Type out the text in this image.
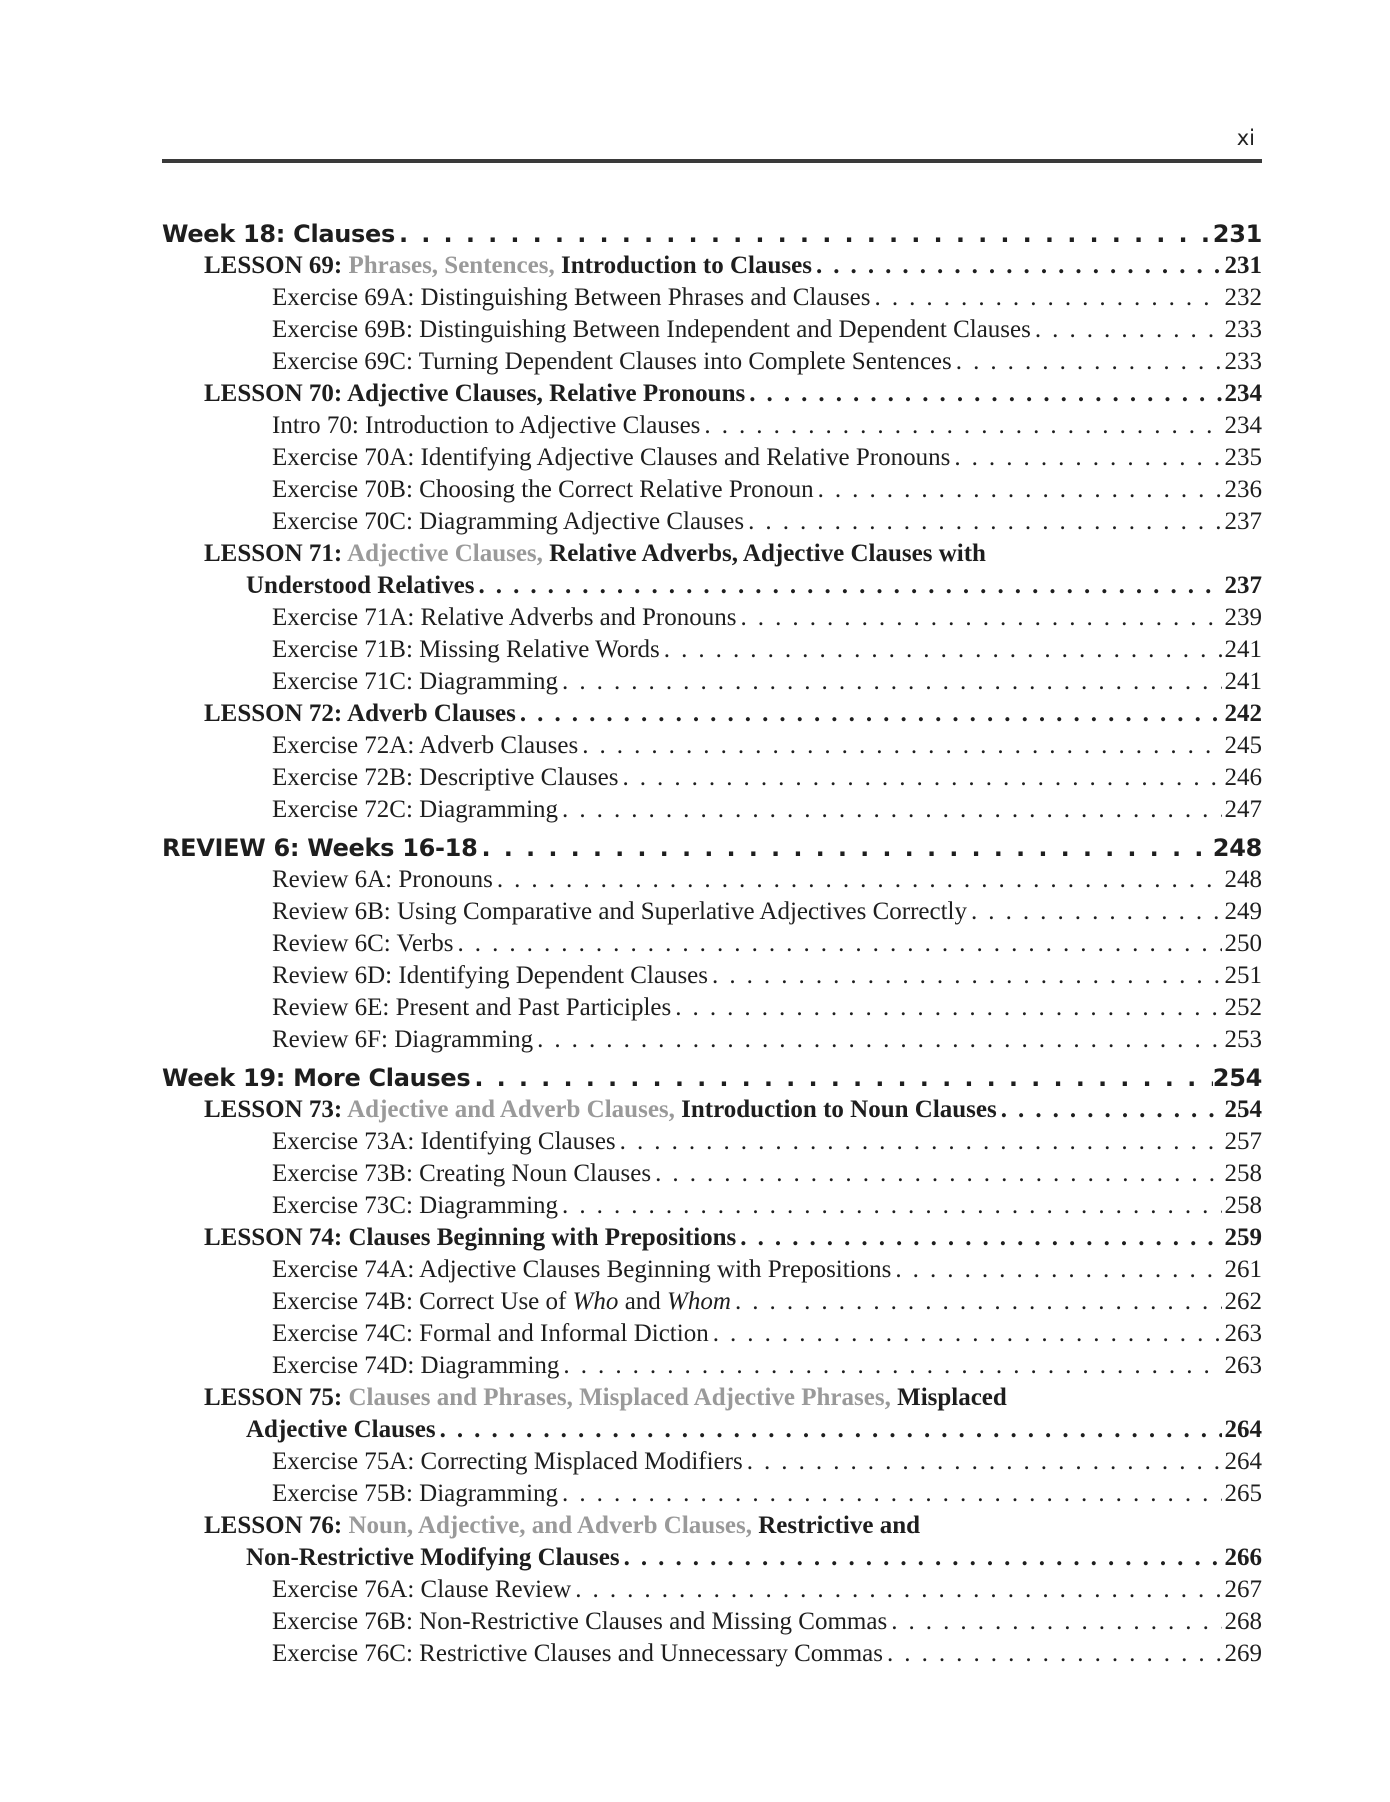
xi
Week 18: Clauses . . .	231
LESSON 69: Phrases, Sentences, Introduction to Clauses . . .	231
Exercise 69A: Distinguishing Between Phrases and Clauses . . .	232
Exercise 69B: Distinguishing Between Independent and Dependent Clauses . . .	233
Exercise 69C: Turning Dependent Clauses into Complete Sentences . . .	233
LESSON 70: Adjective Clauses, Relative Pronouns . . .	234
Intro 70: Introduction to Adjective Clauses . . .	234
Exercise 70A: Identifying Adjective Clauses and Relative Pronouns . . .	235
Exercise 70B: Choosing the Correct Relative Pronoun . . .	236
Exercise 70C: Diagramming Adjective Clauses . . .	237
LESSON 71: Adjective Clauses, Relative Adverbs, Adjective Clauses with
Understood Relatives . . .	237
Exercise 71A: Relative Adverbs and Pronouns . . .	239
Exercise 71B: Missing Relative Words . . .	241
Exercise 71C: Diagramming . . .	241
LESSON 72: Adverb Clauses . . .	242
Exercise 72A: Adverb Clauses . . .	245
Exercise 72B: Descriptive Clauses . . .	246
Exercise 72C: Diagramming . . .	247
REVIEW 6: Weeks 16-18 . . .	248
Review 6A: Pronouns . . .	248
Review 6B: Using Comparative and Superlative Adjectives Correctly . . .	249
Review 6C: Verbs . . .	250
Review 6D: Identifying Dependent Clauses . . .	251
Review 6E: Present and Past Participles . . .	252
Review 6F: Diagramming . . .	253
Week 19: More Clauses . . .	254
LESSON 73: Adjective and Adverb Clauses, Introduction to Noun Clauses . . .	254
Exercise 73A: Identifying Clauses . . .	257
Exercise 73B: Creating Noun Clauses . . .	258
Exercise 73C: Diagramming . . .	258
LESSON 74: Clauses Beginning with Prepositions . . .	259
Exercise 74A: Adjective Clauses Beginning with Prepositions . . .	261
Exercise 74B: Correct Use of Who and Whom . . .	262
Exercise 74C: Formal and Informal Diction . . .	263
Exercise 74D: Diagramming . . .	263
LESSON 75: Clauses and Phrases, Misplaced Adjective Phrases, Misplaced
Adjective Clauses . . .	264
Exercise 75A: Correcting Misplaced Modifiers . . .	264
Exercise 75B: Diagramming . . .	265
LESSON 76: Noun, Adjective, and Adverb Clauses, Restrictive and
Non-Restrictive Modifying Clauses . . .	266
Exercise 76A: Clause Review . . .	267
Exercise 76B: Non-Restrictive Clauses and Missing Commas . . .	268
Exercise 76C: Restrictive Clauses and Unnecessary Commas . . .	269
